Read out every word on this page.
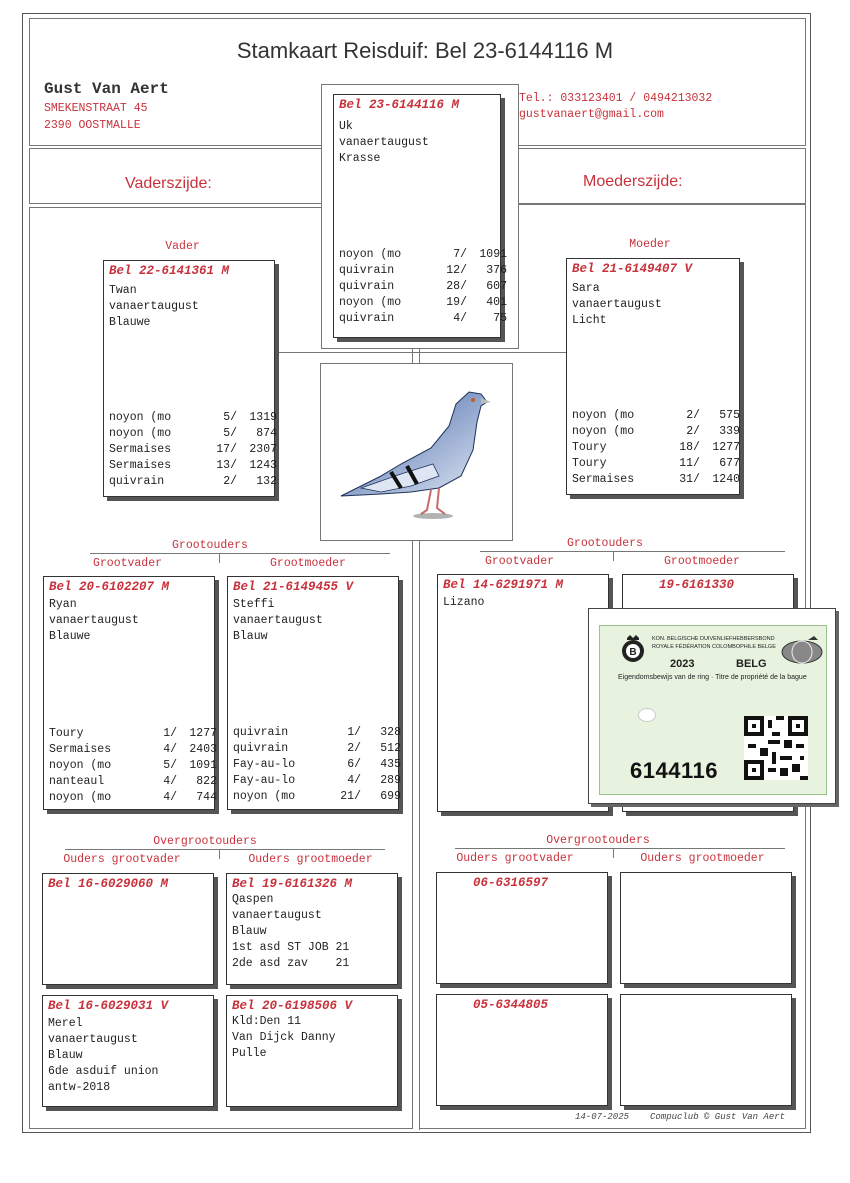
Stamkaart Reisduif: Bel 23-6144116 M
Gust Van Aert
SMEKENSTRAAT 45
2390 OOSTMALLE
Tel.: 033123401 / 0494213032
gustvanaert@gmail.com
Vaderszijde:	Moederszijde:
Bel 23-6144116 M
Uk
vanaertaugust
Krasse
noyon (mo	7/	1091
quivrain	12/	376
quivrain	28/	607
noyon (mo	19/	401
quivrain	4/	75
Vader
Bel 22-6141361 M
Twan
vanaertaugust
Blauwe
noyon (mo	5/	1319
noyon (mo	5/	874
Sermaises	17/	2307
Sermaises	13/	1243
quivrain	2/	132
Moeder
Bel 21-6149407 V
Sara
vanaertaugust
Licht
noyon (mo	2/	575
noyon (mo	2/	339
Toury	18/	1277
Toury	11/	677
Sermaises	31/	1240
Grootouders
Grootvader	Grootmoeder
Grootouders
Grootvader	Grootmoeder
Bel 20-6102207 M
Ryan
vanaertaugust
Blauwe
Toury	1/	1277
Sermaises	4/	2403
noyon (mo	5/	1091
nanteaul	4/	822
noyon (mo	4/	744
Bel 21-6149455 V
Steffi
vanaertaugust
Blauw
quivrain	1/	328
quivrain	2/	512
Fay-au-lo	6/	435
Fay-au-lo	4/	289
noyon (mo	21/	699
Bel 14-6291971 M
Lizano
19-6161330
B
KON. BELGISCHE DUIVENLIEFHEBBERSBOND
ROYALE FÉDÉRATION COLOMBOPHILE BELGE
2023	BELG
Eigendomsbewijs van de ring · Titre de propriété de la bague
6144116
Overgrootouders
Ouders grootvader	Ouders grootmoeder
Overgrootouders
Ouders grootvader	Ouders grootmoeder
Bel 16-6029060 M
Bel 16-6029031 V
Merel
vanaertaugust
Blauw
6de asduif union
antw-2018
Bel 19-6161326 M
Qaspen
vanaertaugust
Blauw
1st asd ST JOB 21
2de asd zav    21
Bel 20-6198506 V
Kld:Den 11
Van Dijck Danny
Pulle
06-6316597
05-6344805
14-07-2025 Compuclub © Gust Van Aert
